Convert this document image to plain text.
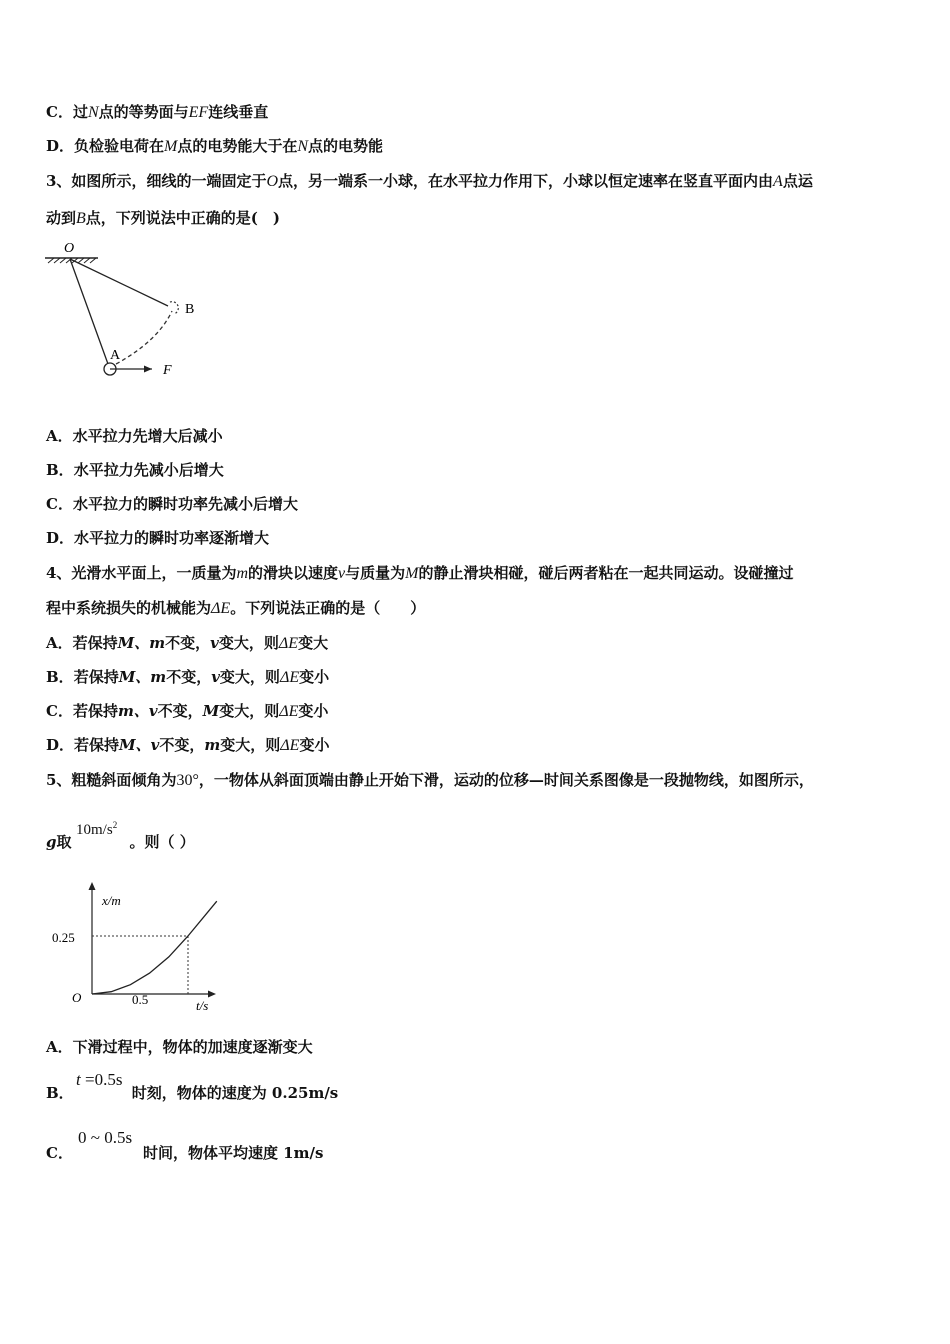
C．过N点的等势面与EF连线垂直
D．负检验电荷在M点的电势能大于在N点的电势能
3、如图所示，细线的一端固定于O点，另一端系一小球，在水平拉力作用下，小球以恒定速率在竖直平面内由A点运
动到B点，下列说法中正确的是(　)
O
B
A
F
A．水平拉力先增大后减小
B．水平拉力先减小后增大
C．水平拉力的瞬时功率先减小后增大
D．水平拉力的瞬时功率逐渐增大
4、光滑水平面上，一质量为m的滑块以速度v与质量为M的静止滑块相碰，碰后两者粘在一起共同运动。设碰撞过
程中系统损失的机械能为ΔE。下列说法正确的是（　　）
A．若保持M、m不变，v变大，则ΔE变大
B．若保持M、m不变，v变大，则ΔE变小
C．若保持m、v不变，M变大，则ΔE变小
D．若保持M、v不变，m变大，则ΔE变小
5、粗糙斜面倾角为30°，一物体从斜面顶端由静止开始下滑，运动的位移—时间关系图像是一段抛物线，如图所示，
g取	。则（ ）
$10m/s^2$
x/m
t/s
O
0.25
0.5
A．下滑过程中，物体的加速度逐渐变大
B．	时刻，物体的速度为 0.25m/s
t =0.5s
C．	时间，物体平均速度 1m/s
0 ~ 0.5s
